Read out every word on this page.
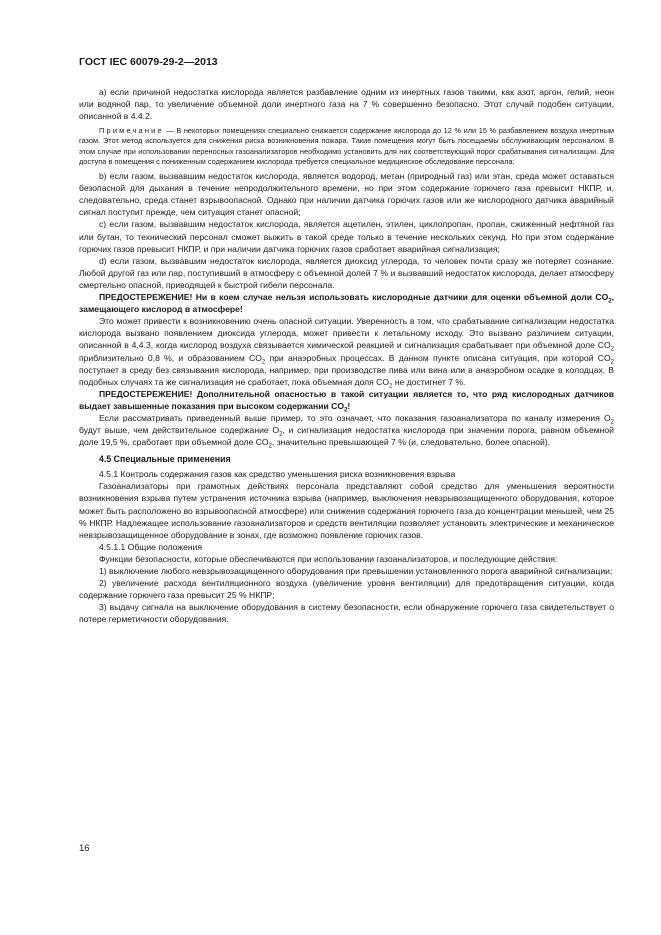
ГОСТ IEC 60079-29-2—2013

а) если причиной недостатка кислорода является разбавление одним из инертных газов такими, как азот, аргон, гелий, неон или водяной пар, то увеличение объемной доли инертного газа на 7 % совершенно безопасно. Этот случай подобен ситуации, описанной в 4.4.2.

Примечание — В некоторых помещениях специально снижается содержание кислорода до 12 % или 15 % разбавлением воздуха инертным газом. Этот метод используется для снижения риска возникновения пожара. Такие помещения могут быть посещаемы обслуживающим персоналом. В этом случае при использовании переносных газоанализаторов необходимо установить для них соответствующий порог срабатывания сигнализации. Для доступа в помещения с пониженным содержанием кислорода требуется специальное медицинское обследование персонала;

b) если газом, вызвавшим недостаток кислорода, является водород, метан (природный газ) или этан, среда может оставаться безопасной для дыхания в течение непродолжительного времени, но при этом содержание горючего газа превысит НКПР, и, следовательно, среда станет взрывоопасной. Однако при наличии датчика горючих газов или же кислородного датчика аварийный сигнал поступит прежде, чем ситуация станет опасной;

с) если газом, вызвавшим недостаток кислорода, является ацетилен, этилен, циклопропан, пропан, сжиженный нефтяной газ или бутан, то технический персонал сможет выжить в такой среде только в течение нескольких секунд. Но при этом содержание горючих газов превысит НКПР, и при наличии датчика горючих газов сработает аварийная сигнализация;

d) если газом, вызвавшим недостаток кислорода, является диоксид углерода, то человек почти сразу же потеряет сознание. Любой другой газ или пар, поступивший в атмосферу с объемной долей 7 % и вызвавший недостаток кислорода, делает атмосферу смертельно опасной, приводящей к быстрой гибели персонала.

ПРЕДОСТЕРЕЖЕНИЕ! Ни в коем случае нельзя использовать кислородные датчики для оценки объемной доли $CO_2$, замещающего кислород в атмосфере!

Это может привести к возникновению очень опасной ситуации. Уверенность в том, что срабатывание сигнализации недостатка кислорода вызвано появлением диоксида углерода, может привести к летальному исходу. Это вызвано различием ситуации, описанной в 4.4.3, когда кислород воздуха связывается химической реакцией и сигнализация срабатывает при объемной доле $CO_2$ приблизительно 0,8 %, и образованием $CO_2$ при анаэробных процессах. В данном пункте описана ситуация, при которой $CO_2$ поступает в среду без связывания кислорода, например, при производстве пива или вина или в анаэробном осадке в колодцах. В подобных случаях та же сигнализация не сработает, пока объемная доля $CO_2$ не достигнет 7 %.

ПРЕДОСТЕРЕЖЕНИЕ! Дополнительной опасностью в такой ситуации является то, что ряд кислородных датчиков выдает завышенные показания при высоком содержании $CO_2$!

Если рассматривать приведенный выше пример, то это означает, что показания газоанализатора по каналу измерения $O_2$ будут выше, чем действительное содержание $O_2$, и сигнализация недостатка кислорода при значении порога, равном объемной доле 19,5 %, сработает при объемной доле $CO_2$, значительно превышающей 7 % (и, следовательно, более опасной).

4.5 Специальные применения

4.5.1 Контроль содержания газов как средство уменьшения риска возникновения взрыва

Газоанализаторы при грамотных действиях персонала представляют собой средство для уменьшения вероятности возникновения взрыва путем устранения источника взрыва (например, выключения невзрывозащищенного оборудования, которое может быть расположено во взрывоопасной атмосфере) или снижения содержания горючего газа до концентрации меньшей, чем 25 % НКПР. Надлежащее использование газоанализаторов и средств вентиляции позволяет установить электрические и механическое невзрывозащищенное оборудование в зонах, где возможно появление горючих газов.

4.5.1.1 Общие положения

Функции безопасности, которые обеспечиваются при использовании газоанализаторов, и последующие действия:

1) выключение любого невзрывозащищенного оборудования при превышении установленного порога аварийной сигнализации;

2) увеличение расхода вентиляционного воздуха (увеличение уровня вентиляции) для предотвращения ситуации, когда содержание горючего газа превысит 25 % НКПР;

3) выдачу сигнала на выключение оборудования в систему безопасности, если обнаружение горючего газа свидетельствует о потере герметичности оборудования.

16
